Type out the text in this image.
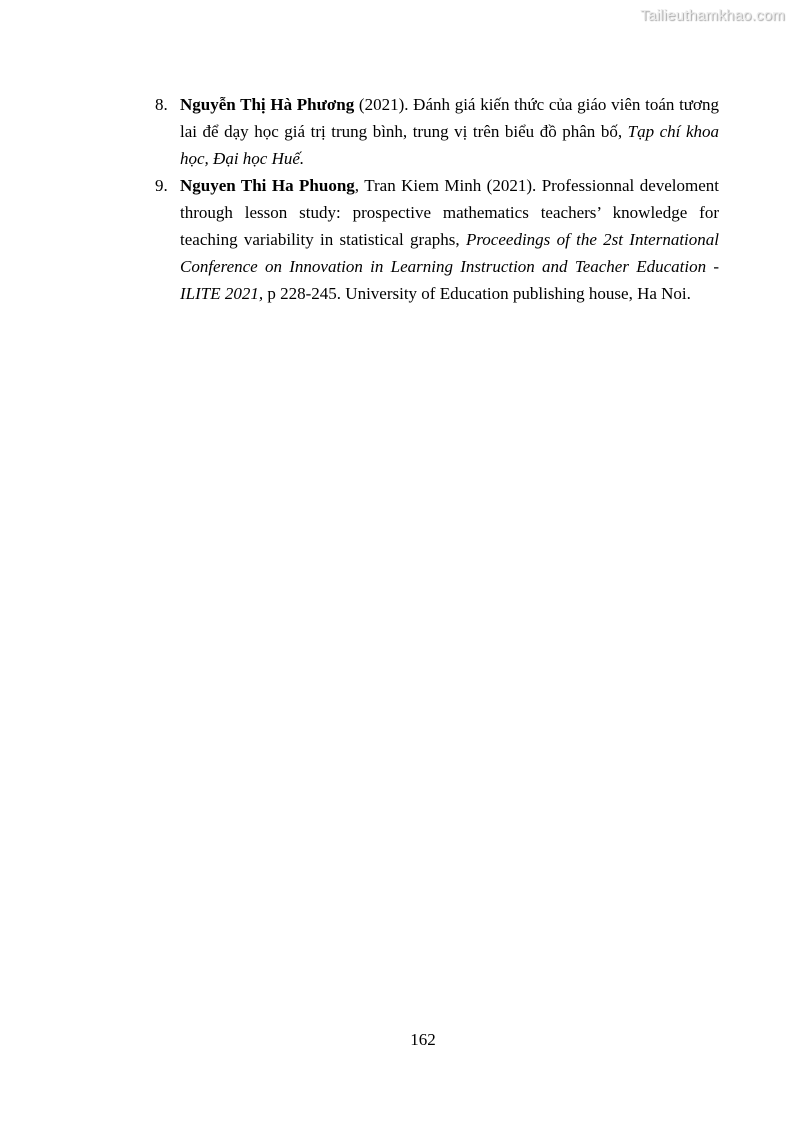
Tailieuthamkhao.com
8. Nguyễn Thị Hà Phương (2021). Đánh giá kiến thức của giáo viên toán tương lai để dạy học giá trị trung bình, trung vị trên biểu đồ phân bố, Tạp chí khoa học, Đại học Huế.
9. Nguyen Thi Ha Phuong, Tran Kiem Minh (2021). Professionnal develoment through lesson study: prospective mathematics teachers’ knowledge for teaching variability in statistical graphs, Proceedings of the 2st International Conference on Innovation in Learning Instruction and Teacher Education - ILITE 2021, p 228-245. University of Education publishing house, Ha Noi.
162
